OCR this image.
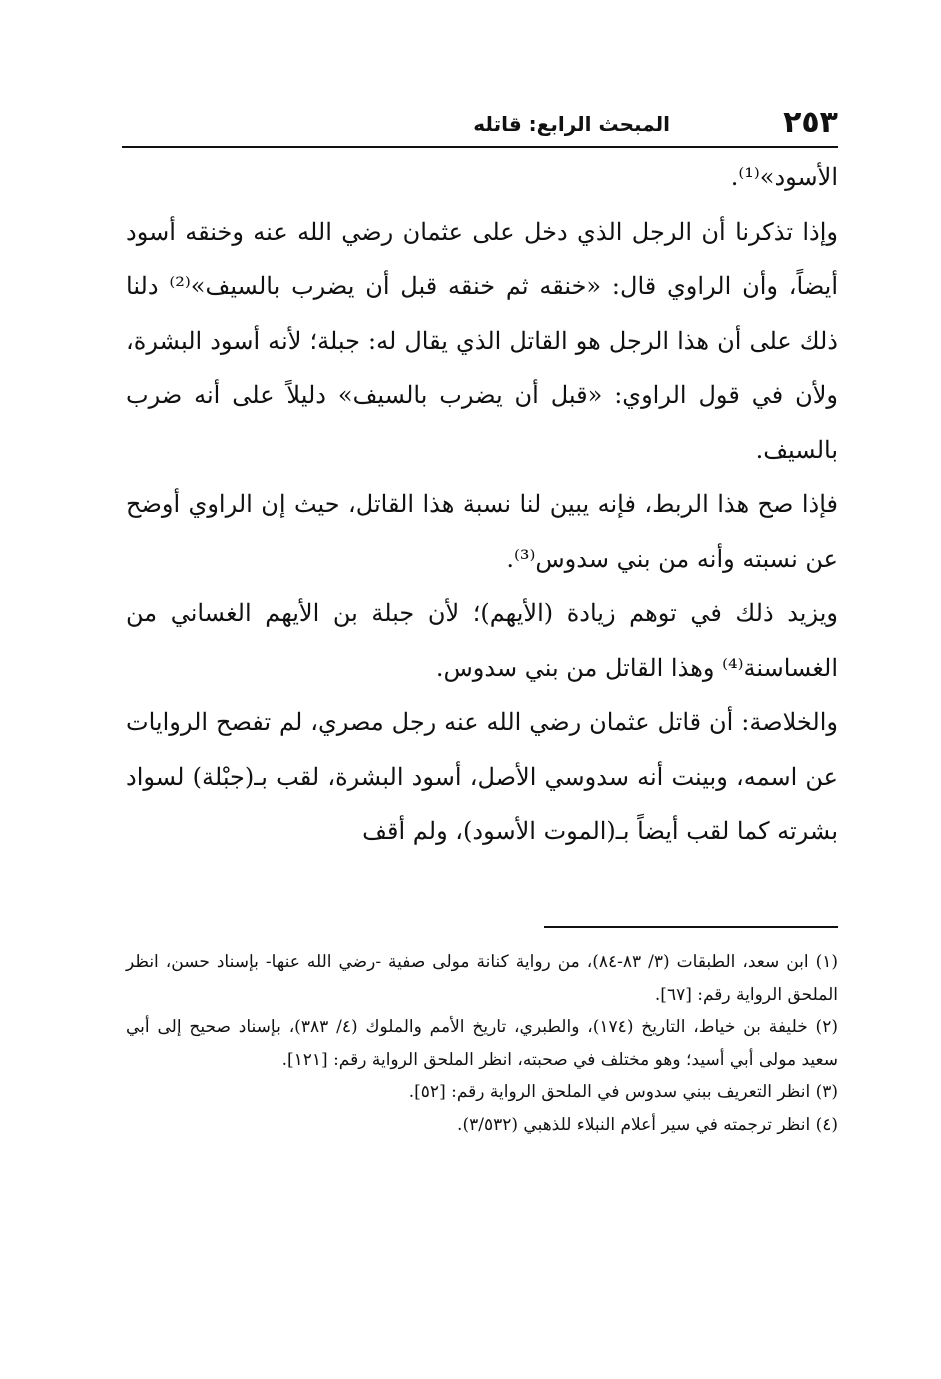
٢٥٣
المبحث الرابع: قاتله

الأسود»⁽¹⁾.

وإذا تذكرنا أن الرجل الذي دخل على عثمان رضي الله عنه وخنقه أسود أيضاً، وأن الراوي قال: «خنقه ثم خنقه قبل أن يضرب بالسيف»⁽²⁾ دلنا ذلك على أن هذا الرجل هو القاتل الذي يقال له: جبلة؛ لأنه أسود البشرة، ولأن في قول الراوي: «قبل أن يضرب بالسيف» دليلاً على أنه ضرب بالسيف.

فإذا صح هذا الربط، فإنه يبين لنا نسبة هذا القاتل، حيث إن الراوي أوضح عن نسبته وأنه من بني سدوس⁽³⁾.

ويزيد ذلك في توهم زيادة (الأيهم)؛ لأن جبلة بن الأيهم الغساني من الغساسنة⁽⁴⁾ وهذا القاتل من بني سدوس.

والخلاصة: أن قاتل عثمان رضي الله عنه رجل مصري، لم تفصح الروايات عن اسمه، وبينت أنه سدوسي الأصل، أسود البشرة، لقب بـ(جبْلة) لسواد بشرته كما لقب أيضاً بـ(الموت الأسود)، ولم أقف

(١) ابن سعد، الطبقات (٣/ ٨٣-٨٤)، من رواية كنانة مولى صفية -رضي الله عنها- بإسناد حسن، انظر الملحق الرواية رقم: [٦٧].

(٢) خليفة بن خياط، التاريخ (١٧٤)، والطبري، تاريخ الأمم والملوك (٤/ ٣٨٣)، بإسناد صحيح إلى أبي سعيد مولى أبي أسيد؛ وهو مختلف في صحبته، انظر الملحق الرواية رقم: [١٢١].

(٣) انظر التعريف ببني سدوس في الملحق الرواية رقم: [٥٢].

(٤) انظر ترجمته في سير أعلام النبلاء للذهبي (٣/٥٣٢).
